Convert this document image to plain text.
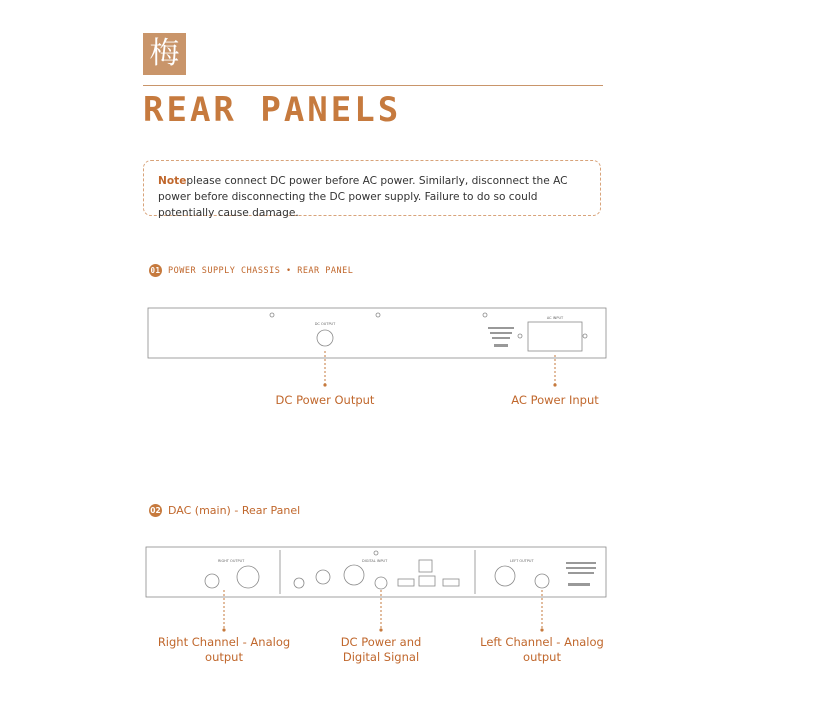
梅
REAR PANELS
Noteplease connect DC power before AC power. Similarly, disconnect the AC power before disconnecting the DC power supply. Failure to do so could potentially cause damage.
01 POWER SUPPLY CHASSIS • REAR PANEL
DC OUTPUT
AC INPUT
DC Power Output	AC Power Input
02 DAC (main) - Rear Panel
RIGHT OUTPUT	DIGITAL INPUT	LEFT OUTPUT
Right Channel - Analog output
DC Power and Digital Signal
Left Channel - Analog output
